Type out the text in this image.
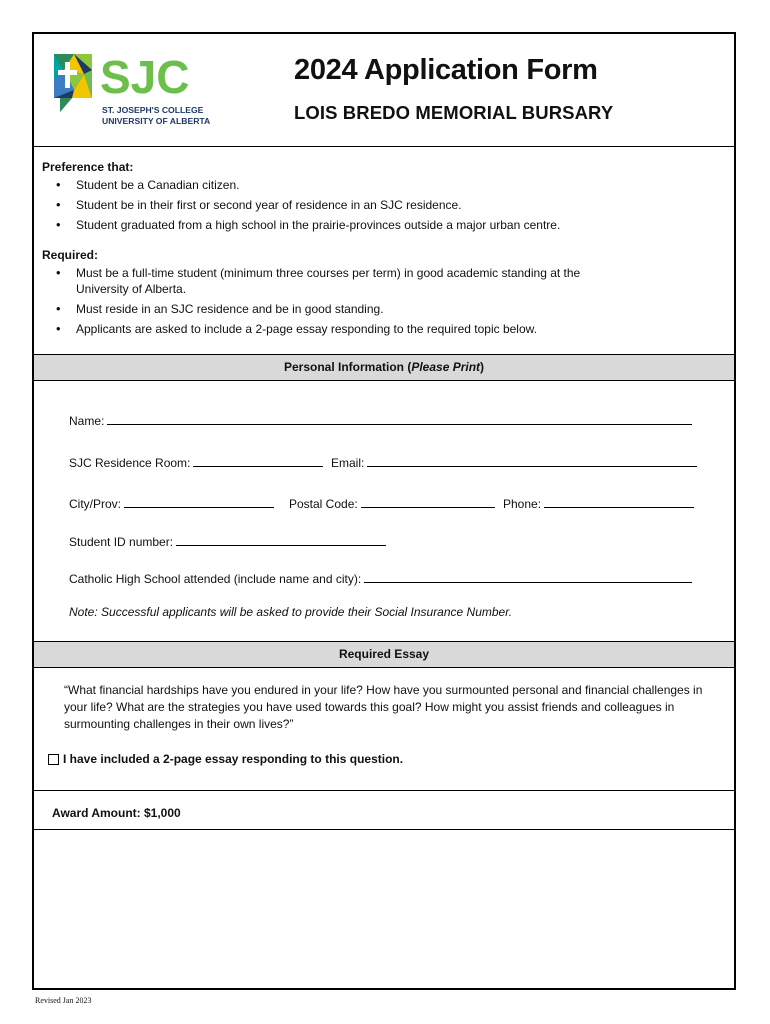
SJC
ST. JOSEPH'S COLLEGE
UNIVERSITY OF ALBERTA
2024 Application Form
LOIS BREDO MEMORIAL BURSARY
Preference that:
• Student be a Canadian citizen.
• Student be in their first or second year of residence in an SJC residence.
• Student graduated from a high school in the prairie-provinces outside a major urban centre.
Required:
• Must be a full-time student (minimum three courses per term) in good academic standing at the University of Alberta.
• Must reside in an SJC residence and be in good standing.
• Applicants are asked to include a 2-page essay responding to the required topic below.
Personal Information (Please Print)
Name:
SJC Residence Room:	Email:
City/Prov:	Postal Code:	Phone:
Student ID number:
Catholic High School attended (include name and city):
Note: Successful applicants will be asked to provide their Social Insurance Number.
Required Essay
“What financial hardships have you endured in your life? How have you surmounted personal and financial challenges in your life? What are the strategies you have used towards this goal? How might you assist friends and colleagues in surmounting challenges in their own lives?”
I have included a 2-page essay responding to this question.
Award Amount: $1,000
Revised Jan 2023
